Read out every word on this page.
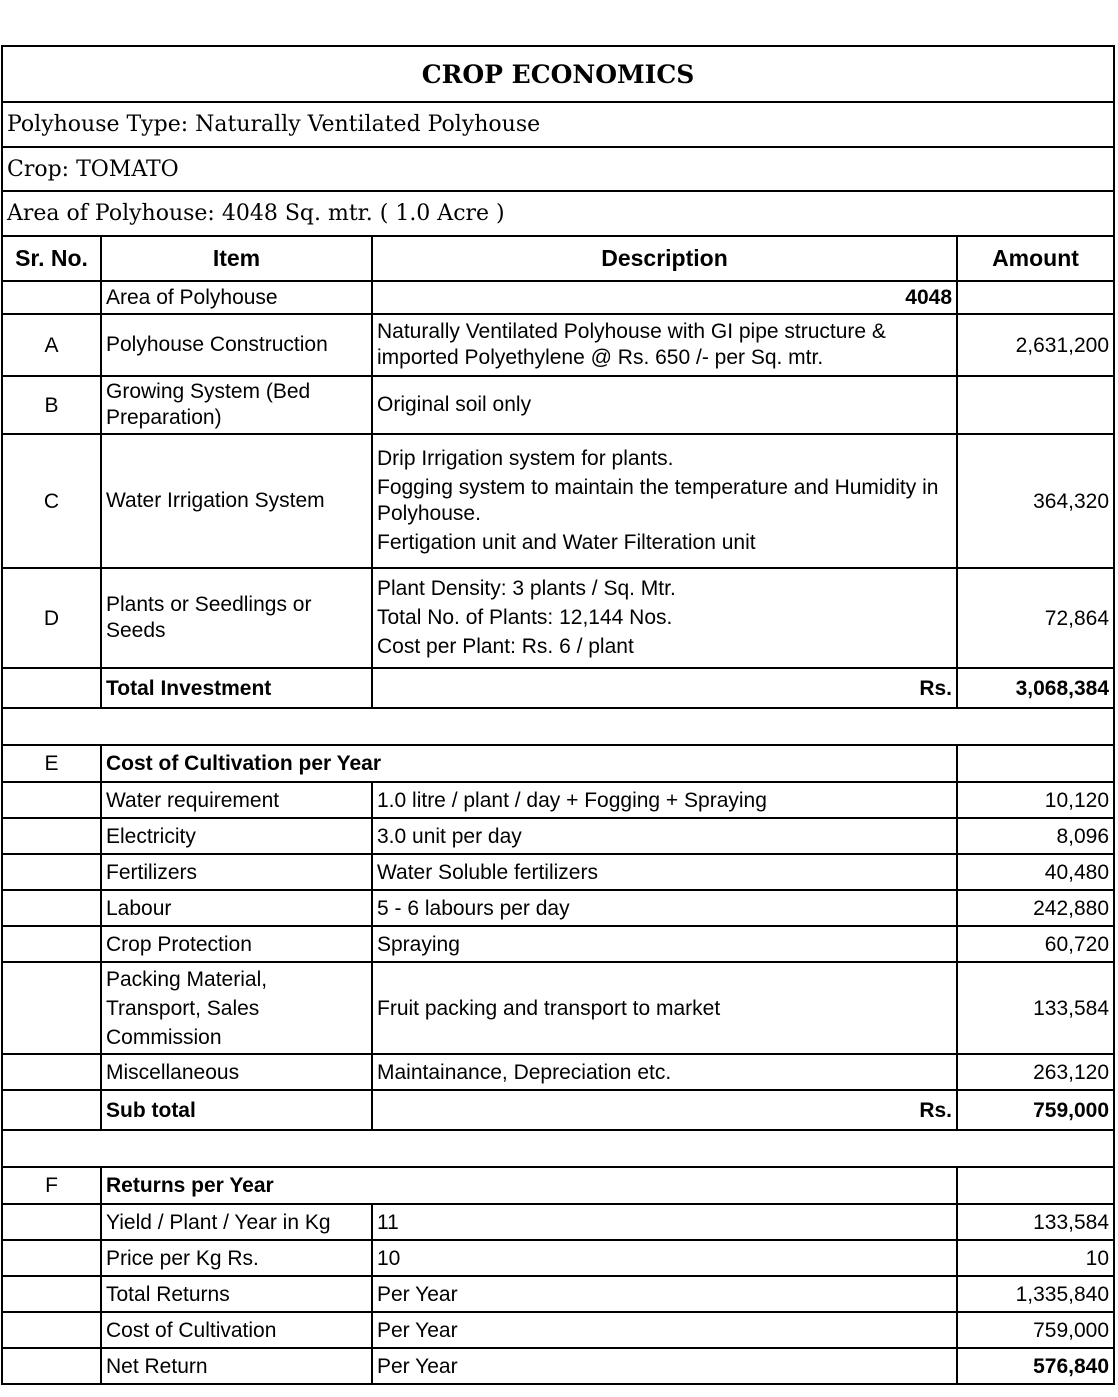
CROP ECONOMICS			
Polyhouse Type: Naturally Ventilated Polyhouse			
Crop: TOMATO			
Area of Polyhouse: 4048 Sq. mtr. ( 1.0 Acre )			
Sr. No.	Item	Description	Amount
	Area of Polyhouse	4048	
A	Polyhouse Construction	Naturally Ventilated Polyhouse with GI pipe structure & imported Polyethylene @ Rs. 650 /- per Sq. mtr.	2,631,200
B	Growing System (Bed Preparation)	Original soil only	

C	Water Irrigation System	Drip Irrigation system for plants.
Fogging system to maintain the temperature and Humidity in Polyhouse.
Fertigation unit and Water Filteration unit	364,320
D	Plants or Seedlings or Seeds	Plant Density: 3 plants / Sq. Mtr.
Total No. of Plants: 12,144 Nos.
Cost per Plant: Rs. 6 / plant	72,864
	Total Investment	Rs.	3,068,384

E	Cost of Cultivation per Year		
	Water requirement	1.0 litre / plant / day + Fogging + Spraying	10,120
	Electricity	3.0 unit per day	8,096
	Fertilizers	Water Soluble fertilizers	40,480
	Labour	5 - 6 labours per day	242,880
	Crop Protection	Spraying	60,720
	Packing Material, Transport, Sales Commission	Fruit packing and transport to market	133,584
	Miscellaneous	Maintainance, Depreciation etc.	263,120
	Sub total	Rs.	759,000

F	Returns per Year		
	Yield / Plant / Year in Kg	11	133,584
	Price per Kg Rs.	10	10
	Total Returns	Per Year	1,335,840
	Cost of Cultivation	Per Year	759,000
	Net Return	Per Year	576,840
